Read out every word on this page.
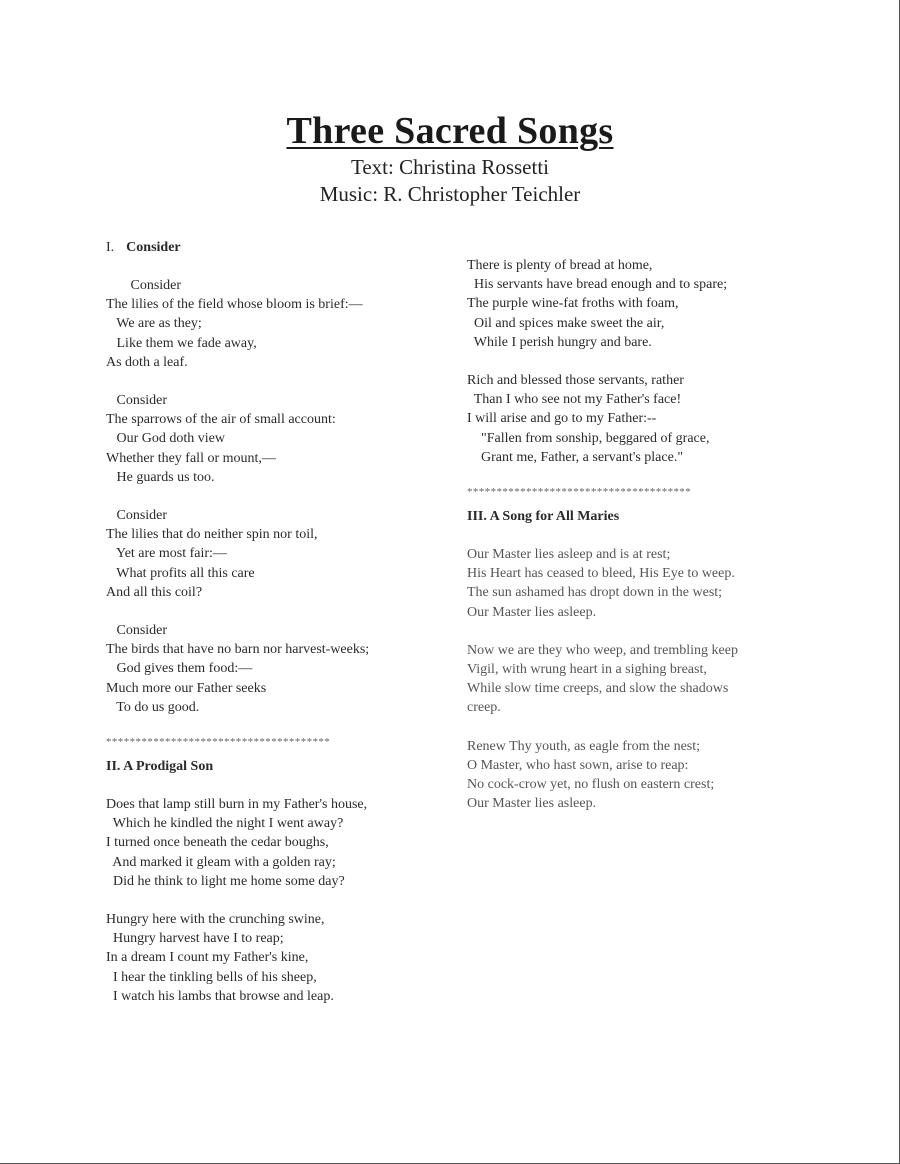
Three Sacred Songs
Text: Christina Rossetti
Music: R. Christopher Teichler
I. Consider
Consider
The lilies of the field whose bloom is brief:—
We are as they;
Like them we fade away,
As doth a leaf.
Consider
The sparrows of the air of small account:
Our God doth view
Whether they fall or mount,—
He guards us too.
Consider
The lilies that do neither spin nor toil,
Yet are most fair:—
What profits all this care
And all this coil?
Consider
The birds that have no barn nor harvest-weeks;
God gives them food:—
Much more our Father seeks
To do us good.
**************************************
II. A Prodigal Son
Does that lamp still burn in my Father's house,
Which he kindled the night I went away?
I turned once beneath the cedar boughs,
And marked it gleam with a golden ray;
Did he think to light me home some day?
Hungry here with the crunching swine,
Hungry harvest have I to reap;
In a dream I count my Father's kine,
I hear the tinkling bells of his sheep,
I watch his lambs that browse and leap.
There is plenty of bread at home,
His servants have bread enough and to spare;
The purple wine-fat froths with foam,
Oil and spices make sweet the air,
While I perish hungry and bare.
Rich and blessed those servants, rather
Than I who see not my Father's face!
I will arise and go to my Father:--
"Fallen from sonship, beggared of grace,
Grant me, Father, a servant's place."
**************************************
III. A Song for All Maries
Our Master lies asleep and is at rest;
His Heart has ceased to bleed, His Eye to weep.
The sun ashamed has dropt down in the west;
Our Master lies asleep.
Now we are they who weep, and trembling keep
Vigil, with wrung heart in a sighing breast,
While slow time creeps, and slow the shadows
creep.
Renew Thy youth, as eagle from the nest;
O Master, who hast sown, arise to reap:
No cock-crow yet, no flush on eastern crest;
Our Master lies asleep.
